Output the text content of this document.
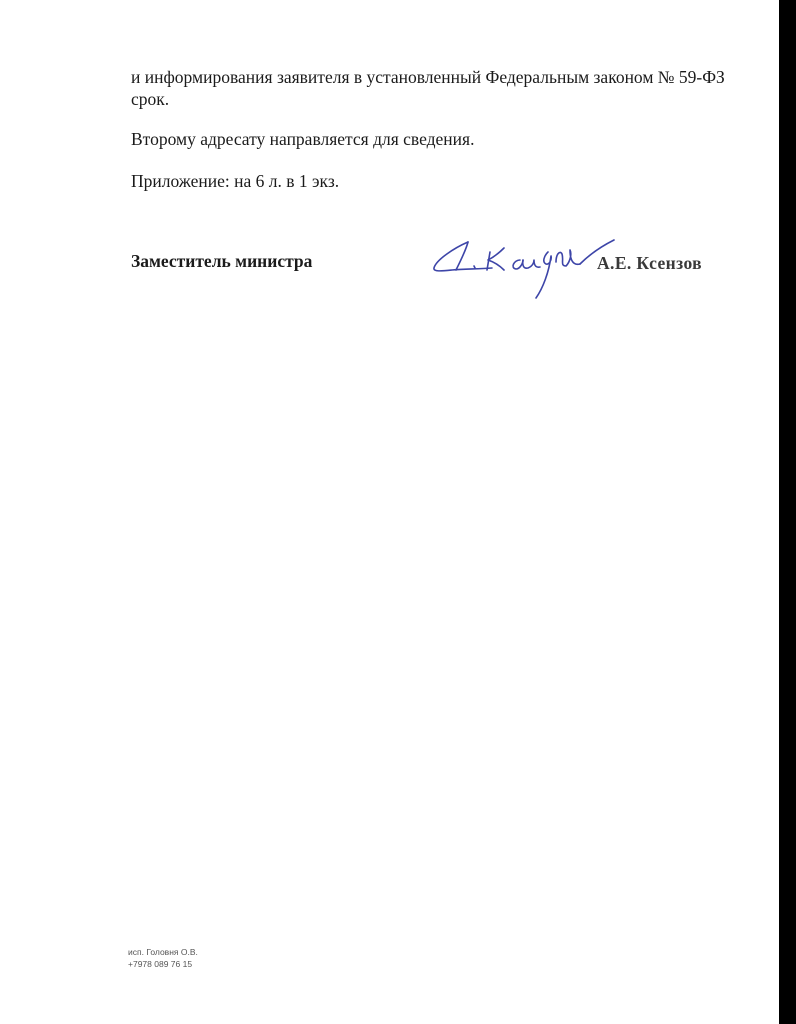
и информирования заявителя в установленный Федеральным законом № 59-ФЗ

срок.

Второму адресату направляется для сведения.

Приложение: на 6 л. в 1 экз.

Заместитель министра	А.Е. Ксензов

исп. Головня О.В.
+7978 089 76 15
